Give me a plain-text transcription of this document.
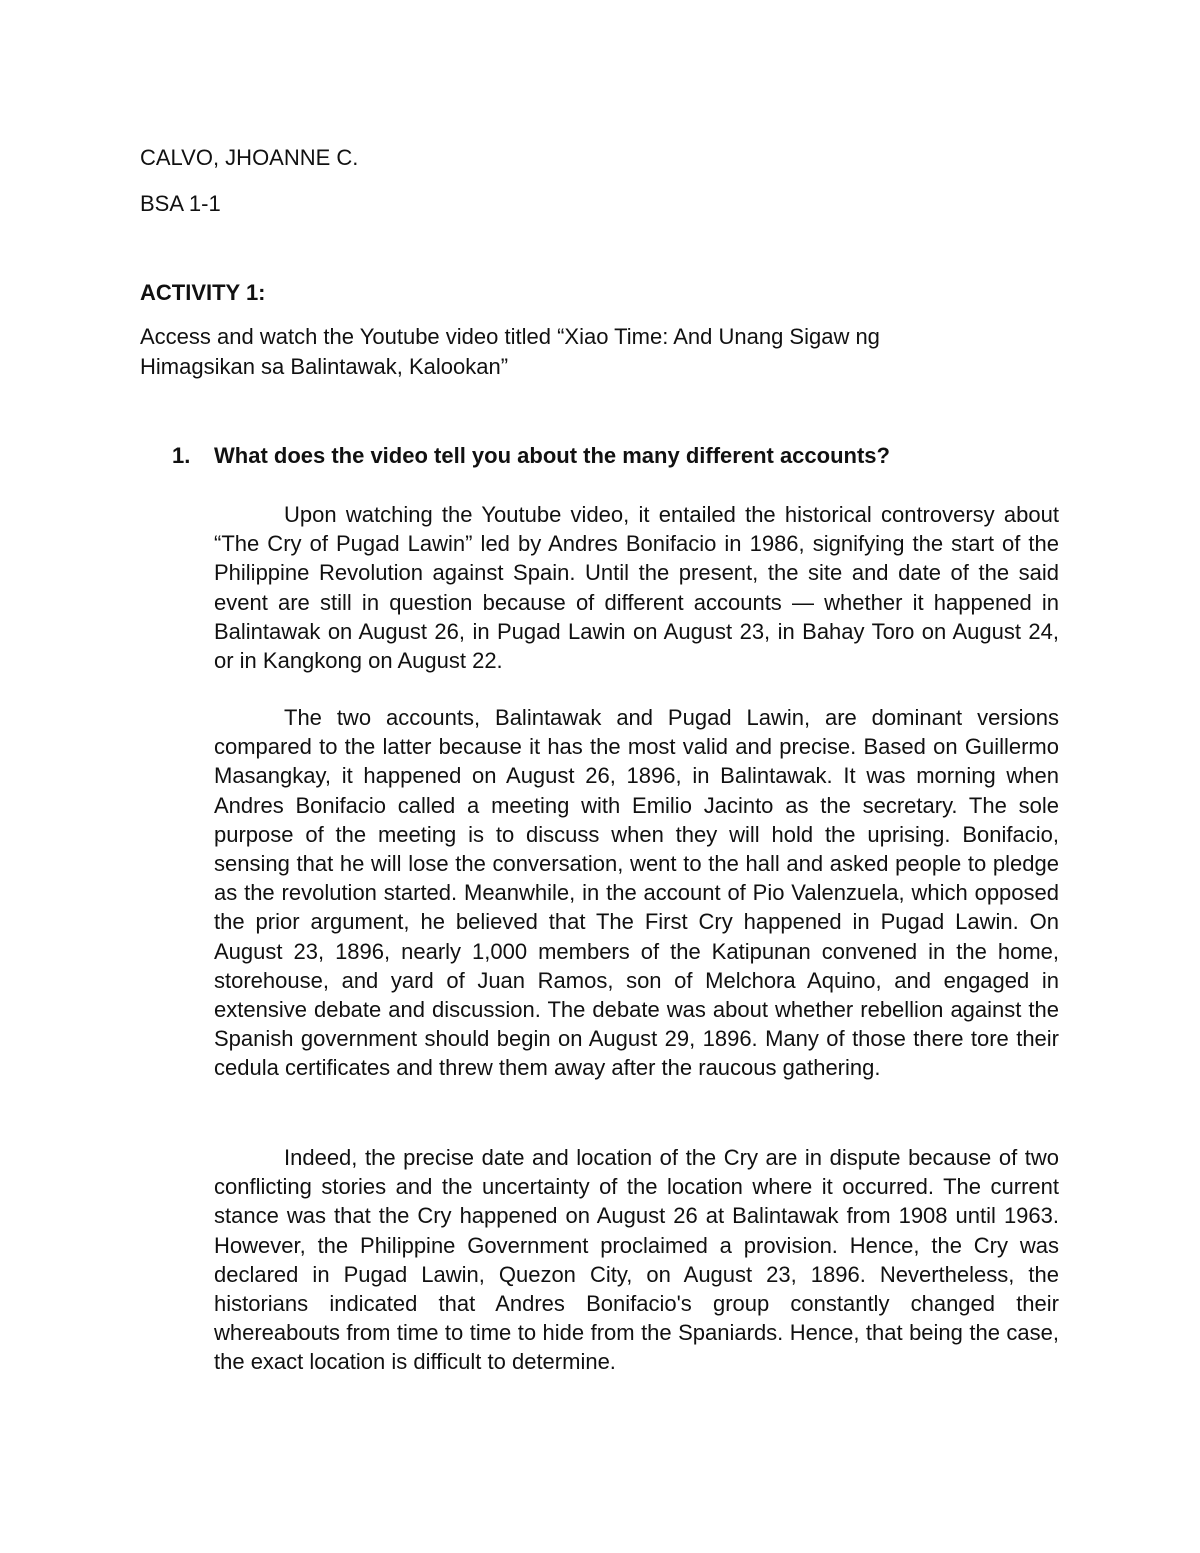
CALVO, JHOANNE C.

BSA 1-1

ACTIVITY 1:

Access and watch the Youtube video titled “Xiao Time: And Unang Sigaw ng

Himagsikan sa Balintawak, Kalookan”

1. What does the video tell you about the many different accounts?

Upon watching the Youtube video, it entailed the historical controversy about “The Cry of Pugad Lawin” led by Andres Bonifacio in 1986, signifying the start of the Philippine Revolution against Spain. Until the present, the site and date of the said event are still in question because of different accounts — whether it happened in Balintawak on August 26, in Pugad Lawin on August 23, in Bahay Toro on August 24, or in Kangkong on August 22.

The two accounts, Balintawak and Pugad Lawin, are dominant versions compared to the latter because it has the most valid and precise. Based on Guillermo Masangkay, it happened on August 26, 1896, in Balintawak. It was morning when Andres Bonifacio called a meeting with Emilio Jacinto as the secretary. The sole purpose of the meeting is to discuss when they will hold the uprising. Bonifacio, sensing that he will lose the conversation, went to the hall and asked people to pledge as the revolution started. Meanwhile, in the account of Pio Valenzuela, which opposed the prior argument, he believed that The First Cry happened in Pugad Lawin. On August 23, 1896, nearly 1,000 members of the Katipunan convened in the home, storehouse, and yard of Juan Ramos, son of Melchora Aquino, and engaged in extensive debate and discussion. The debate was about whether rebellion against the Spanish government should begin on August 29, 1896. Many of those there tore their cedula certificates and threw them away after the raucous gathering.

Indeed, the precise date and location of the Cry are in dispute because of two conflicting stories and the uncertainty of the location where it occurred. The current stance was that the Cry happened on August 26 at Balintawak from 1908 until 1963. However, the Philippine Government proclaimed a provision. Hence, the Cry was declared in Pugad Lawin, Quezon City, on August 23, 1896. Nevertheless, the historians indicated that Andres Bonifacio's group constantly changed their whereabouts from time to time to hide from the Spaniards. Hence, that being the case, the exact location is difficult to determine.
